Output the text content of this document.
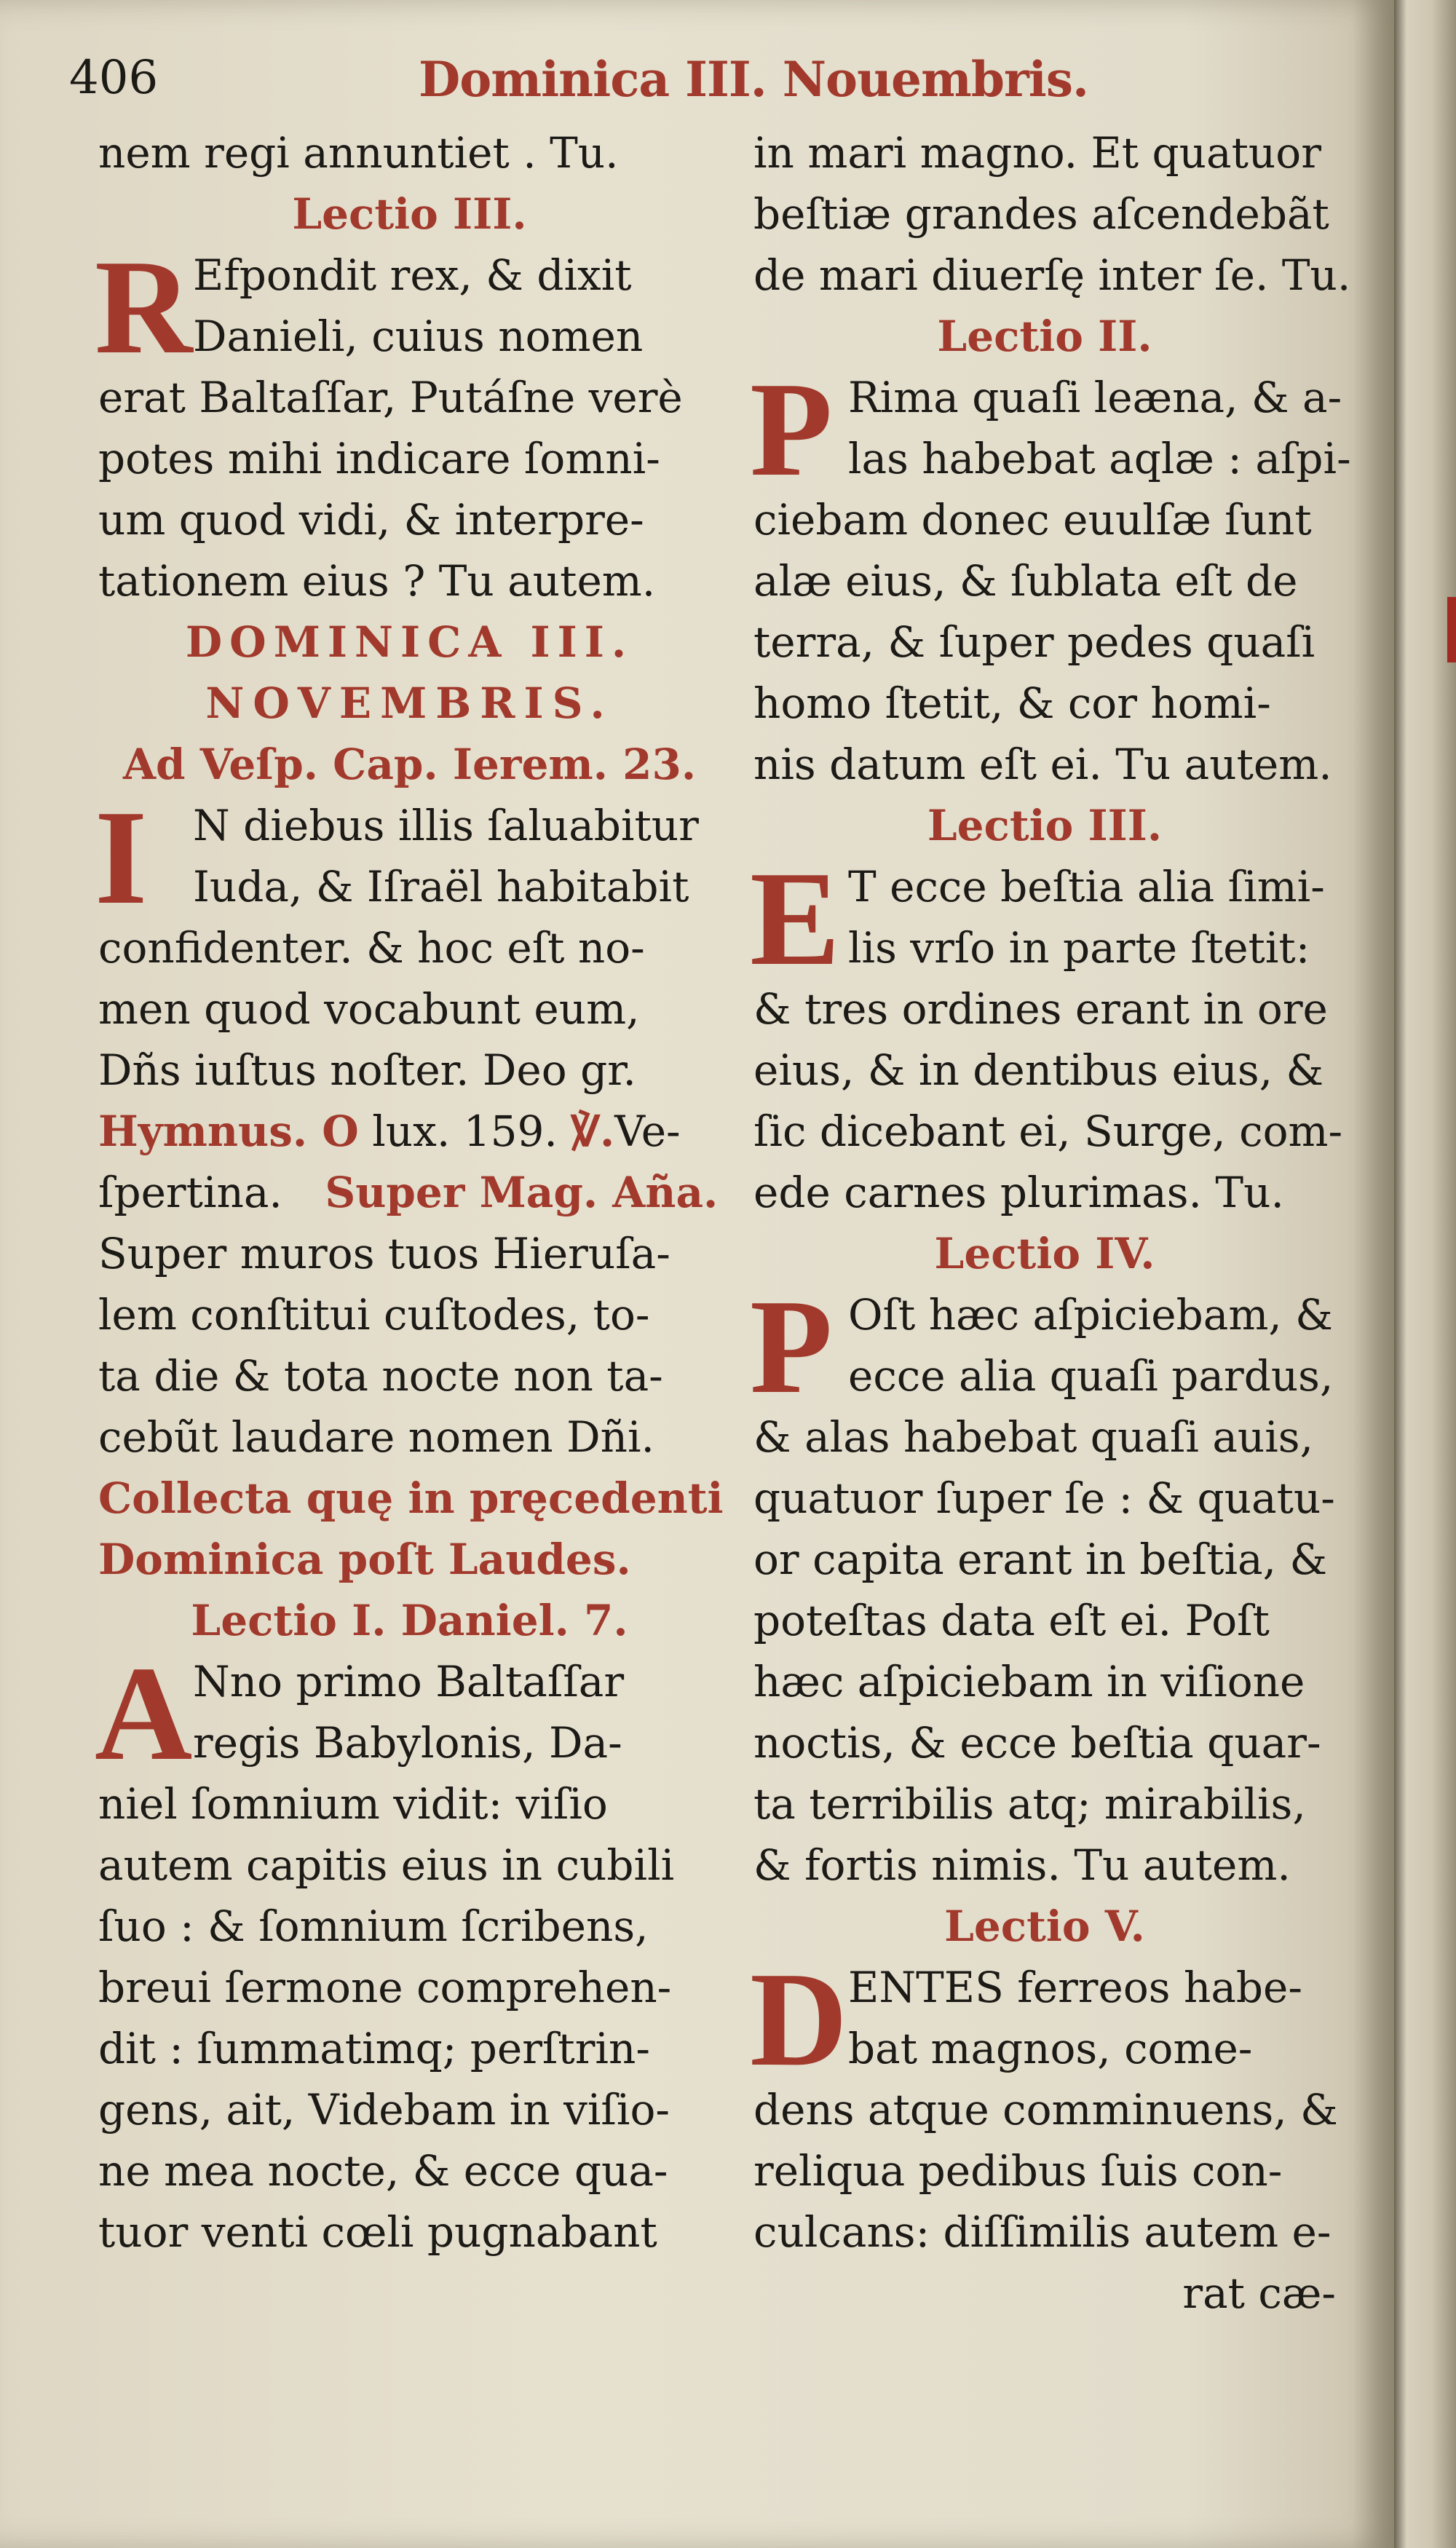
406	Dominica III. Nouembris.
nem regi annuntiet . Tu.
Lectio III.
R Efpondit rex, & dixit
Danieli, cuius nomen
erat Baltaſſar, Putáſne verè
potes mihi indicare ſomni-
um quod vidi, & interpre-
tationem eius ? Tu autem.
DOMINICA III.
NOVEMBRIS.
Ad Veſp. Cap. Ierem. 23.
I	N diebus illis ſaluabitur
Iuda, & Iſraël habitabit
confidenter. & hoc eſt no-
men quod vocabunt eum,
Dñs iuſtus noſter. Deo gr.
Hymnus. O lux. 159. ℣.Ve-
ſpertina. Super Mag. Añа.
Super muros tuos Hieruſa-
lem conſtitui cuſtodes, to-
ta die & tota nocte non ta-
cebũt laudare nomen Dñi.
Collecta quę in pręcedenti
Dominica poſt Laudes.
Lectio I. Daniel. 7.
A Nno primo Baltaſſar
regis Babylonis, Da-
niel ſomnium vidit: viſio
autem capitis eius in cubili
ſuo : & ſomnium ſcribens,
breui ſermone comprehen-
dit : ſummatimq; perſtrin-
gens, ait, Videbam in viſio-
ne mea nocte, & ecce qua-
tuor venti cœli pugnabant
in mari magno. Et quatuor
beſtiæ grandes aſcendebãt
de mari diuerſę inter ſe. Tu.
Lectio II.
P Rima quaſi leæna, & a-
las habebat aqlæ : aſpi-
ciebam donec euulſæ ſunt
alæ eius, & ſublata eſt de
terra, & ſuper pedes quaſi
homo ſtetit, & cor homi-
nis datum eſt ei. Tu autem.
Lectio III.
E T ecce beſtia alia ſimi-
lis vrſo in parte ſtetit:
& tres ordines erant in ore
eius, & in dentibus eius, &
ſic dicebant ei, Surge, com-
ede carnes plurimas. Tu.
Lectio IV.
P Oſt hæc aſpiciebam, &
ecce alia quaſi pardus,
& alas habebat quaſi auis,
quatuor ſuper ſe : & quatu-
or capita erant in beſtia, &
poteſtas data eſt ei. Poſt
hæc aſpiciebam in viſione
noctis, & ecce beſtia quar-
ta terribilis atq; mirabilis,
& fortis nimis. Tu autem.
Lectio V.
D ENTES ferreos habe-
bat magnos, come-
dens atque comminuens, &
reliqua pedibus ſuis con-
culcans: diſſimilis autem e-
rat cæ-
